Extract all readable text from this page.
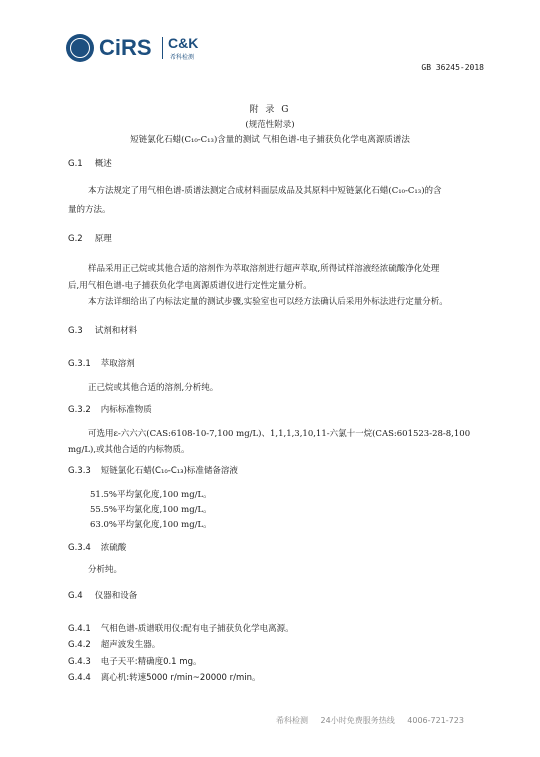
CiRS C&K
希科检测
GB 36245-2018
附 录 G
(规范性附录)
短链氯化石蜡(C₁₀-C₁₃)含量的测试 气相色谱-电子捕获负化学电离源质谱法
G.1 概述
本方法规定了用气相色谱-质谱法测定合成材料面层成品及其原料中短链氯化石蜡(C₁₀-C₁₃)的含
量的方法。
G.2 原理
样品采用正己烷或其他合适的溶剂作为萃取溶剂进行超声萃取,所得试样溶液经浓硫酸净化处理
后,用气相色谱-电子捕获负化学电离源质谱仪进行定性定量分析。
本方法详细给出了内标法定量的测试步骤,实验室也可以经方法确认后采用外标法进行定量分析。
G.3 试剂和材料
G.3.1 萃取溶剂
正己烷或其他合适的溶剂,分析纯。
G.3.2 内标标准物质
可选用ε-六六六(CAS:6108-10-7,100 mg/L)、1,1,1,3,10,11-六氯十一烷(CAS:601523-28-8,100
mg/L),或其他合适的内标物质。
G.3.3 短链氯化石蜡(C₁₀-C₁₃)标准储备溶液
51.5%平均氯化度,100 mg/L。
55.5%平均氯化度,100 mg/L。
63.0%平均氯化度,100 mg/L。
G.3.4 浓硫酸
分析纯。
G.4 仪器和设备
G.4.1 气相色谱-质谱联用仪:配有电子捕获负化学电离源。
G.4.2 超声波发生器。
G.4.3 电子天平:精确度0.1 mg。
G.4.4 离心机:转速5000 r/min~20000 r/min。
希科检测 24小时免费服务热线 4006-721-723
